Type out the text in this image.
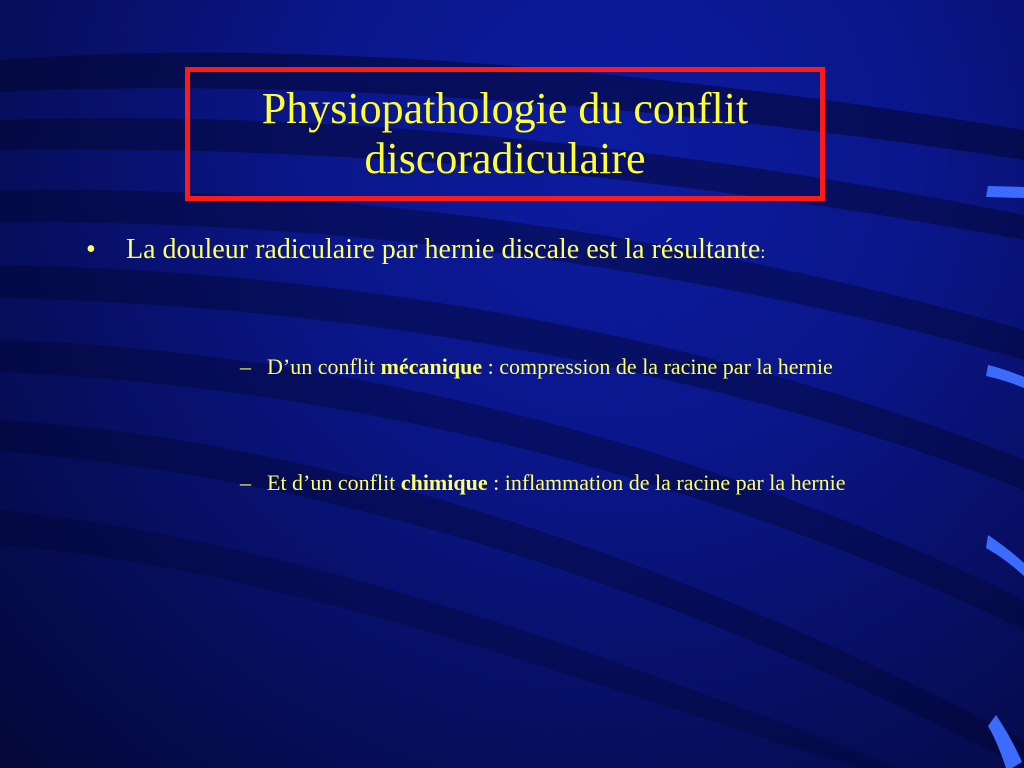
Physiopathologie du conflit discoradiculaire
•	La douleur radiculaire par hernie discale est la résultante:
– D’un conflit mécanique : compression de la racine par la hernie
– Et d’un conflit chimique : inflammation de la racine par la hernie
